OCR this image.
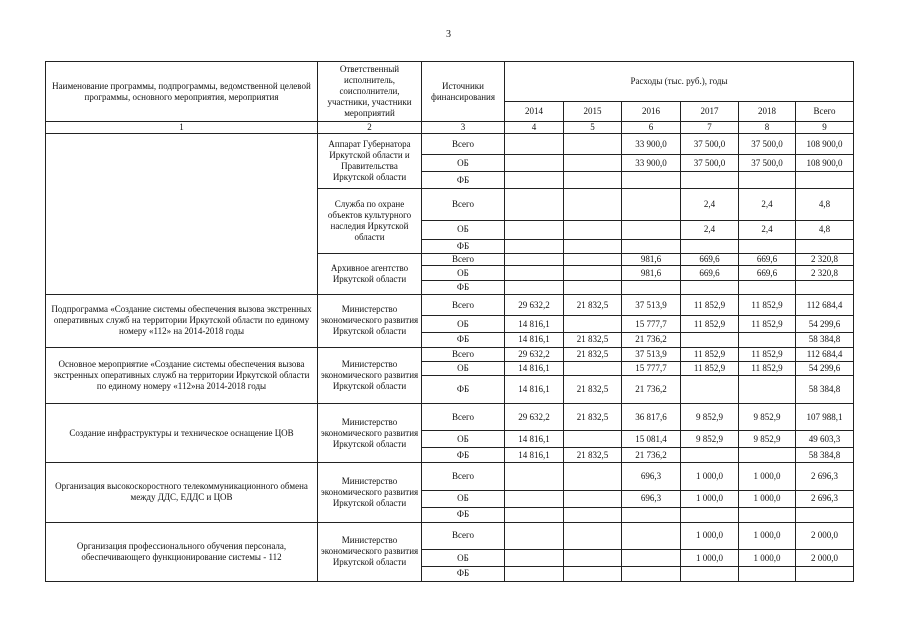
3
Наименование программы, подпрограммы, ведомственной целевой программы, основного мероприятия, мероприятия	Ответственный исполнитель, соисполнители, участники, участники мероприятий	Источники финансирования	Расходы (тыс. руб.), годы					
			2014	2015	2016	2017	2018	Всего
1	2	3	4	5	6	7	8	9
	Аппарат Губернатора Иркутской области и Правительства Иркутской области	Всего			33 900,0	37 500,0	37 500,0	108 900,0
		ОБ			33 900,0	37 500,0	37 500,0	108 900,0
		ФБ						
	Служба по охране объектов культурного наследия Иркутской области	Всего				2,4	2,4	4,8
		ОБ				2,4	2,4	4,8
		ФБ						
	Архивное агентство Иркутской области	Всего			981,6	669,6	669,6	2 320,8
		ОБ			981,6	669,6	669,6	2 320,8
		ФБ						
Подпрограмма «Создание системы обеспечения вызова экстренных оперативных служб на территории Иркутской области по единому номеру «112» на 2014-2018 годы	Министерство экономического развития Иркутской области	Всего	29 632,2	21 832,5	37 513,9	11 852,9	11 852,9	112 684,4
		ОБ	14 816,1		15 777,7	11 852,9	11 852,9	54 299,6
		ФБ	14 816,1	21 832,5	21 736,2			58 384,8
Основное мероприятие «Создание системы обеспечения вызова экстренных оперативных служб на территории Иркутской области по единому номеру «112»на 2014-2018 годы	Министерство экономического развития Иркутской области	Всего	29 632,2	21 832,5	37 513,9	11 852,9	11 852,9	112 684,4
		ОБ	14 816,1		15 777,7	11 852,9	11 852,9	54 299,6
		ФБ	14 816,1	21 832,5	21 736,2			58 384,8
Создание инфраструктуры и техническое оснащение ЦОВ	Министерство экономического развития Иркутской области	Всего	29 632,2	21 832,5	36 817,6	9 852,9	9 852,9	107 988,1
		ОБ	14 816,1		15 081,4	9 852,9	9 852,9	49 603,3
		ФБ	14 816,1	21 832,5	21 736,2			58 384,8
Организация высокоскоростного телекоммуникационного обмена между ДДС, ЕДДС и ЦОВ	Министерство экономического развития Иркутской области	Всего			696,3	1 000,0	1 000,0	2 696,3
		ОБ			696,3	1 000,0	1 000,0	2 696,3
		ФБ						
Организация профессионального обучения персонала, обеспечивающего функционирование системы - 112	Министерство экономического развития Иркутской области	Всего				1 000,0	1 000,0	2 000,0
		ОБ				1 000,0	1 000,0	2 000,0
		ФБ						
